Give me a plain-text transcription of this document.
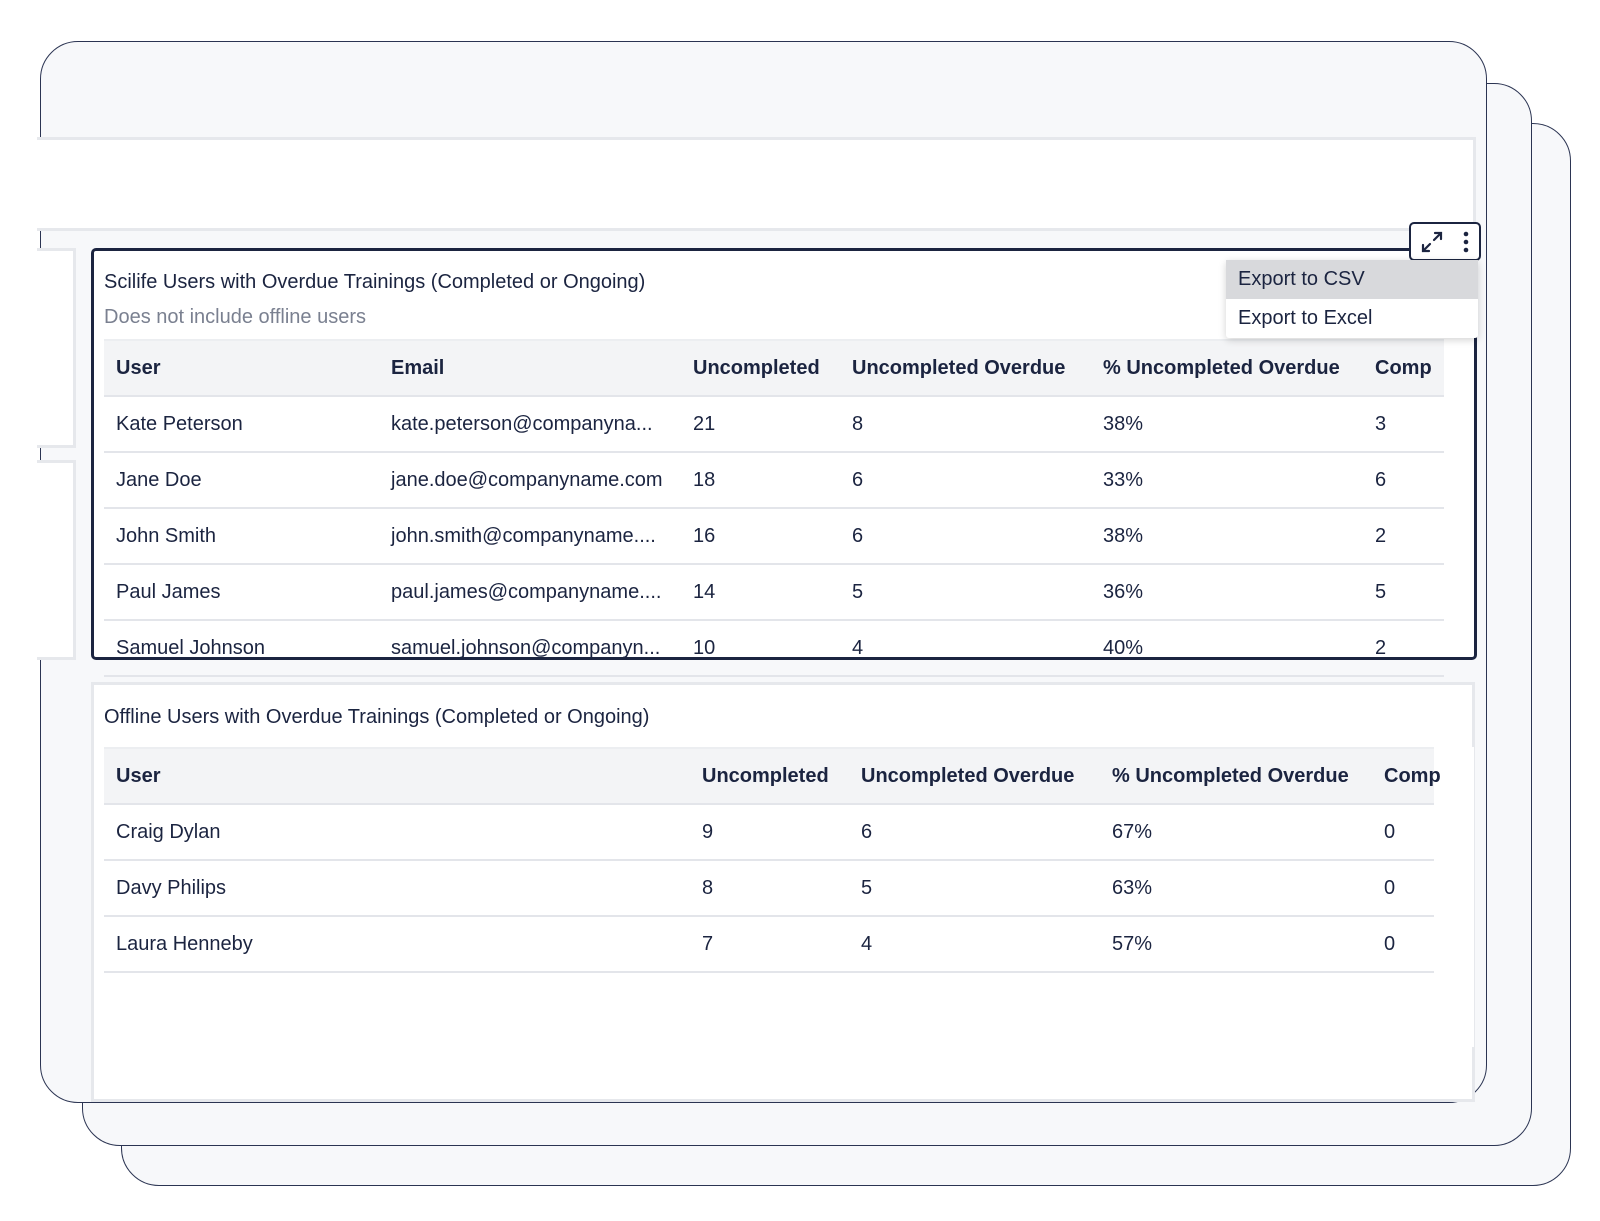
Scilife Users with Overdue Trainings (Completed or Ongoing)
Does not include offline users
User	Email	Uncompleted	Uncompleted Overdue	% Uncompleted Overdue	Comp
Kate Peterson	kate.peterson@companyna...	21	8	38%	3
Jane Doe	jane.doe@companyname.com	18	6	33%	6
John Smith	john.smith@companyname....	16	6	38%	2
Paul James	paul.james@companyname....	14	5	36%	5
Samuel Johnson	samuel.johnson@companyn...	10	4	40%	2
Export to CSV
Export to Excel
Offline Users with Overdue Trainings (Completed or Ongoing)
User	Uncompleted	Uncompleted Overdue	% Uncompleted Overdue	Comp
Craig Dylan	9	6	67%	0
Davy Philips	8	5	63%	0
Laura Henneby	7	4	57%	0
